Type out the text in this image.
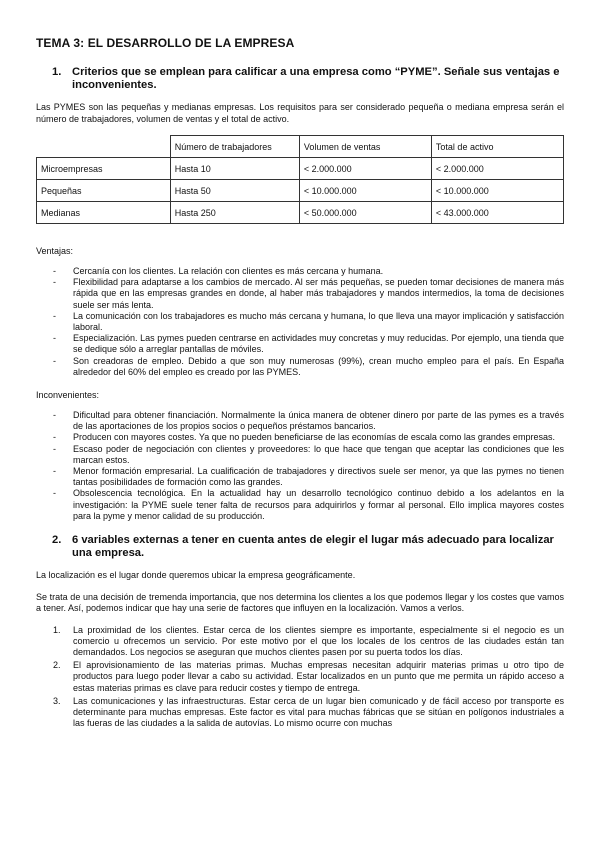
TEMA 3: EL DESARROLLO DE LA EMPRESA
1. Criterios que se emplean para calificar a una empresa como “PYME”. Señale sus ventajas e inconvenientes.

Las PYMES son las pequeñas y medianas empresas. Los requisitos para ser considerado pequeña o mediana empresa serán el número de trabajadores, volumen de ventas y el total de activo.

	Número de trabajadores	Volumen de ventas	Total de activo
Microempresas	Hasta 10	< 2.000.000	< 2.000.000
Pequeñas	Hasta 50	< 10.000.000	< 10.000.000
Medianas	Hasta 250	< 50.000.000	< 43.000.000
Ventajas:
- Cercanía con los clientes. La relación con clientes es más cercana y humana.
- Flexibilidad para adaptarse a los cambios de mercado. Al ser más pequeñas, se pueden tomar decisiones de manera más rápida que en las empresas grandes en donde, al haber más trabajadores y mandos intermedios, la toma de decisiones suele ser más lenta.
- La comunicación con los trabajadores es mucho más cercana y humana, lo que lleva una mayor implicación y satisfacción laboral.
- Especialización. Las pymes pueden centrarse en actividades muy concretas y muy reducidas. Por ejemplo, una tienda que se dedique sólo a arreglar pantallas de móviles.
- Son creadoras de empleo. Debido a que son muy numerosas (99%), crean mucho empleo para el país. En España alrededor del 60% del empleo es creado por las PYMES.
Inconvenientes:
- Dificultad para obtener financiación. Normalmente la única manera de obtener dinero por parte de las pymes es a través de las aportaciones de los propios socios o pequeños préstamos bancarios.
- Producen con mayores costes. Ya que no pueden beneficiarse de las economías de escala como las grandes empresas.
- Escaso poder de negociación con clientes y proveedores: lo que hace que tengan que aceptar las condiciones que les marcan estos.
- Menor formación empresarial. La cualificación de trabajadores y directivos suele ser menor, ya que las pymes no tienen tantas posibilidades de formación como las grandes.
- Obsolescencia tecnológica. En la actualidad hay un desarrollo tecnológico continuo debido a los adelantos en la investigación: la PYME suele tener falta de recursos para adquirirlos y formar al personal. Ello implica mayores costes para la pyme y menor calidad de su producción.
2. 6 variables externas a tener en cuenta antes de elegir el lugar más adecuado para localizar una empresa.

La localización es el lugar donde queremos ubicar la empresa geográficamente.

Se trata de una decisión de tremenda importancia, que nos determina los clientes a los que podemos llegar y los costes que vamos a tener. Así, podemos indicar que hay una serie de factores que influyen en la localización. Vamos a verlos.

1. La proximidad de los clientes. Estar cerca de los clientes siempre es importante, especialmente si el negocio es un comercio u ofrecemos un servicio. Por este motivo por el que los locales de los centros de las ciudades están tan demandados. Los negocios se aseguran que muchos clientes pasen por su puerta todos los días.
2. El aprovisionamiento de las materias primas. Muchas empresas necesitan adquirir materias primas u otro tipo de productos para luego poder llevar a cabo su actividad. Estar localizados en un punto que me permita un rápido acceso a estas materias primas es clave para reducir costes y tiempo de entrega.
3. Las comunicaciones y las infraestructuras. Estar cerca de un lugar bien comunicado y de fácil acceso por transporte es determinante para muchas empresas. Este factor es vital para muchas fábricas que se sitúan en polígonos industriales a las fueras de las ciudades a la salida de autovías. Lo mismo ocurre con muchas
